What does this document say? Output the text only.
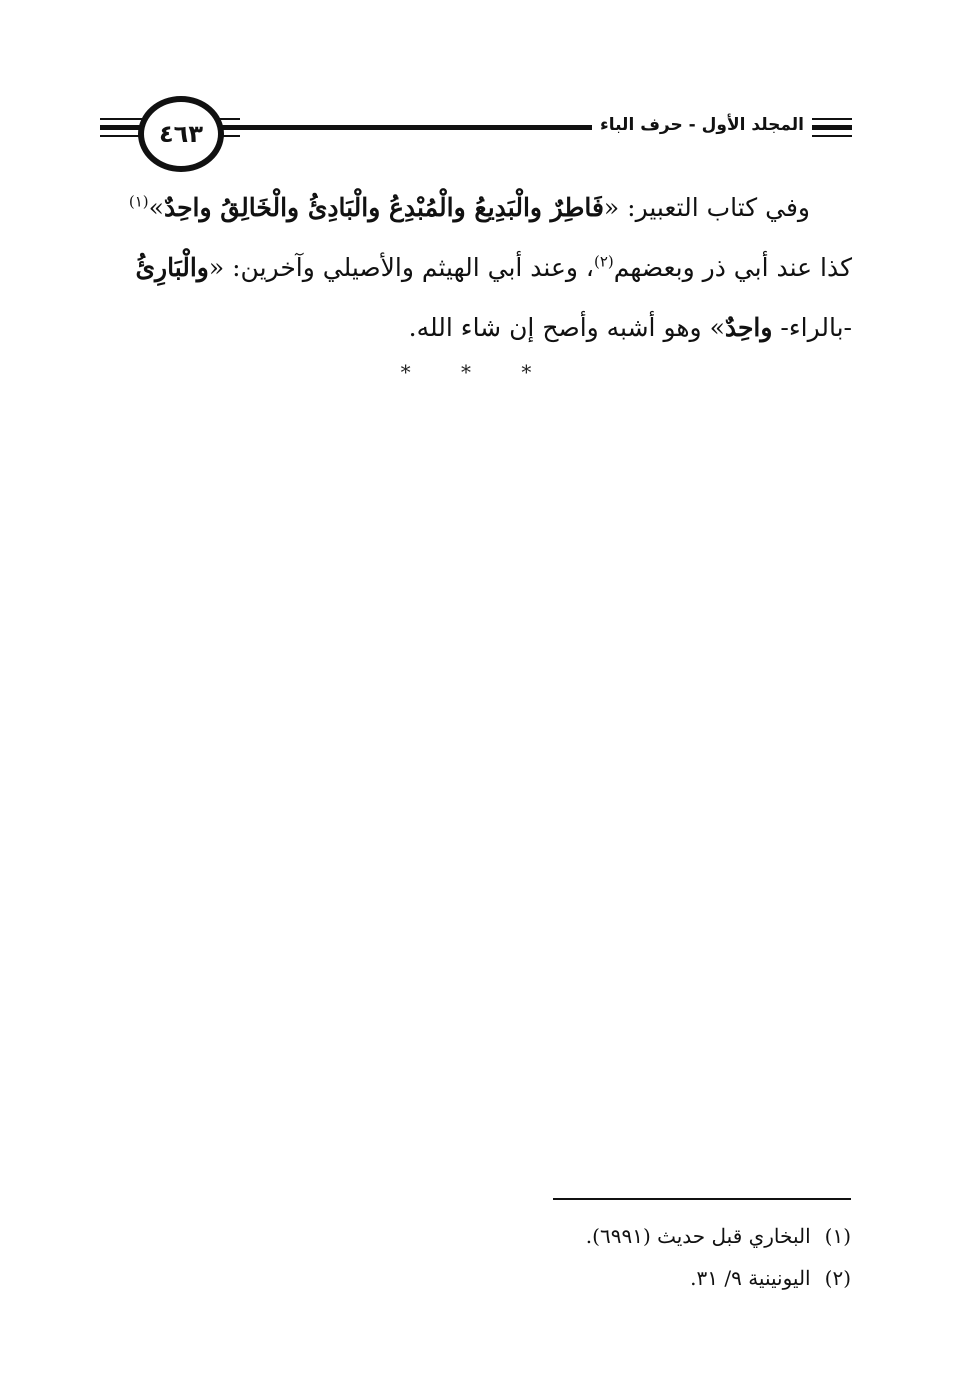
٤٦٣	المجلد الأول - حرف الباء
وفي كتاب التعبير: «فَاطِرٌ والْبَدِيعُ والْمُبْدِعُ والْبَادِئُ والْخَالِقُ واحِدٌ»$^{(١)}$
كذا عند أبي ذر وبعضهم$^{(٢)}$، وعند أبي الهيثم والأصيلي وآخرين: «والْبَارِئُ
-بالراء- واحِدٌ» وهو أشبه وأصح إن شاء الله.
* * *
(١)البخاري قبل حديث (٦٩٩١).
(٢)اليونينية ٩/ ٣١.
